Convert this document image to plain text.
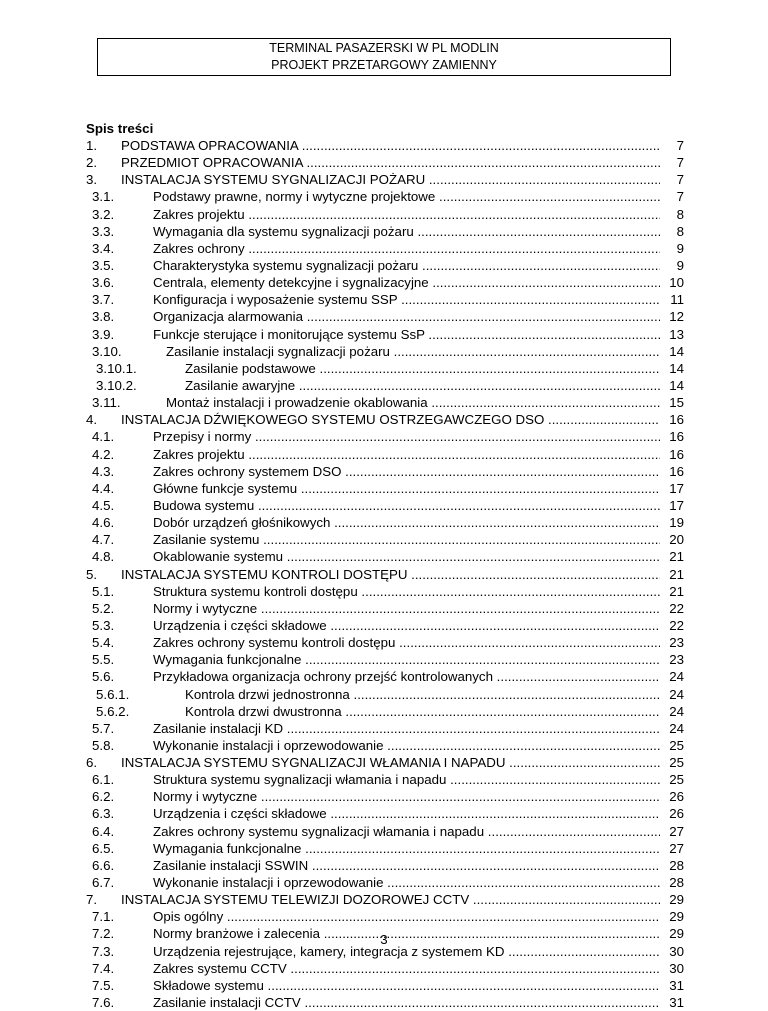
TERMINAL PASAZERSKI W PL MODLIN
PROJEKT PRZETARGOWY ZAMIENNY
Spis treści
1. PODSTAWA OPRACOWANIA .....	7
2. PRZEDMIOT OPRACOWANIA .....	7
3. INSTALACJA SYSTEMU SYGNALIZACJI POŻARU .....	7
3.1.	Podstawy prawne, normy i wytyczne projektowe .....	7
3.2.	Zakres projektu .....	8
3.3.	Wymagania dla systemu sygnalizacji pożaru .....	8
3.4.	Zakres ochrony .....	9
3.5.	Charakterystyka systemu sygnalizacji pożaru .....	9
3.6.	Centrala, elementy detekcyjne i sygnalizacyjne .....	10
3.7.	Konfiguracja i wyposażenie systemu SSP .....	11
3.8.	Organizacja alarmowania .....	12
3.9.	Funkcje sterujące i monitorujące systemu SsP .....	13
3.10.	Zasilanie instalacji sygnalizacji pożaru .....	14
3.10.1.	Zasilanie podstawowe .....	14
3.10.2.	Zasilanie awaryjne .....	14
3.11.	Montaż instalacji i prowadzenie okablowania .....	15
4. INSTALACJA DŹWIĘKOWEGO SYSTEMU OSTRZEGAWCZEGO DSO .....	16
4.1.	Przepisy i normy .....	16
4.2.	Zakres projektu .....	16
4.3.	Zakres ochrony systemem DSO .....	16
4.4.	Główne funkcje systemu .....	17
4.5.	Budowa systemu .....	17
4.6.	Dobór urządzeń głośnikowych .....	19
4.7.	Zasilanie systemu .....	20
4.8.	Okablowanie systemu .....	21
5. INSTALACJA SYSTEMU KONTROLI DOSTĘPU .....	21
5.1.	Struktura systemu kontroli dostępu .....	21
5.2.	Normy i wytyczne .....	22
5.3.	Urządzenia i części składowe .....	22
5.4.	Zakres ochrony systemu kontroli dostępu .....	23
5.5.	Wymagania funkcjonalne .....	23
5.6.	Przykładowa organizacja ochrony przejść kontrolowanych .....	24
5.6.1.	Kontrola drzwi jednostronna .....	24
5.6.2.	Kontrola drzwi dwustronna .....	24
5.7.	Zasilanie instalacji KD .....	24
5.8.	Wykonanie instalacji i oprzewodowanie .....	25
6. INSTALACJA SYSTEMU SYGNALIZACJI WŁAMANIA I NAPADU .....	25
6.1.	Struktura systemu sygnalizacji włamania i napadu .....	25
6.2.	Normy i wytyczne .....	26
6.3.	Urządzenia i części składowe .....	26
6.4.	Zakres ochrony systemu sygnalizacji włamania i napadu .....	27
6.5.	Wymagania funkcjonalne .....	27
6.6.	Zasilanie instalacji SSWIN .....	28
6.7.	Wykonanie instalacji i oprzewodowanie .....	28
7. INSTALACJA SYSTEMU TELEWIZJI DOZOROWEJ CCTV .....	29
7.1.	Opis ogólny .....	29
7.2.	Normy branżowe i zalecenia .....	29
7.3.	Urządzenia rejestrujące, kamery, integracja z systemem KD .....	30
7.4.	Zakres systemu CCTV .....	30
7.5.	Składowe systemu .....	31
7.6.	Zasilanie instalacji CCTV .....	31
3
